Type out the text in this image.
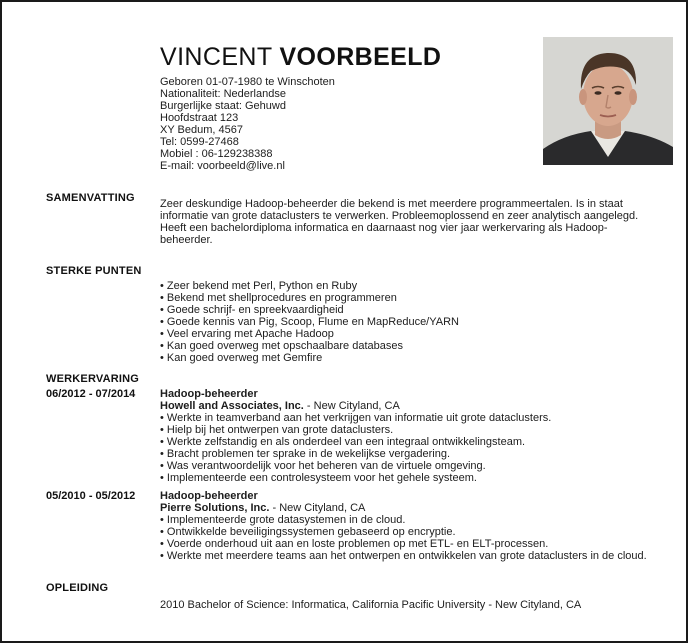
VINCENT VOORBEELD
Geboren 01-07-1980 te Winschoten
Nationaliteit: Nederlandse
Burgerlijke staat: Gehuwd
Hoofdstraat 123
XY Bedum, 4567
Tel: 0599-27468
Mobiel : 06-129238388
E-mail: voorbeeld@live.nl
SAMENVATTING Zeer deskundige Hadoop-beheerder die bekend is met meerdere programmeertalen. Is in staat informatie van grote dataclusters te verwerken. Probleemoplossend en zeer analytisch aangelegd. Heeft een bachelordiploma informatica en daarnaast nog vier jaar werkervaring als Hadoop-beheerder.

STERKE PUNTEN
• Zeer bekend met Perl, Python en Ruby
• Bekend met shellprocedures en programmeren
• Goede schrijf- en spreekvaardigheid
• Goede kennis van Pig, Scoop, Flume en MapReduce/YARN
• Veel ervaring met Apache Hadoop
• Kan goed overweg met opschaalbare databases
• Kan goed overweg met Gemfire
WERKERVARING
06/2012 - 07/2014 Hadoop-beheerder
Howell and Associates, Inc. - New Cityland, CA
• Werkte in teamverband aan het verkrijgen van informatie uit grote dataclusters.
• Hielp bij het ontwerpen van grote dataclusters.
• Werkte zelfstandig en als onderdeel van een integraal ontwikkelingsteam.
• Bracht problemen ter sprake in de wekelijkse vergadering.
• Was verantwoordelijk voor het beheren van de virtuele omgeving.
• Implementeerde een controlesysteem voor het gehele systeem.
05/2010 - 05/2012 Hadoop-beheerder
Pierre Solutions, Inc. - New Cityland, CA
• Implementeerde grote datasystemen in de cloud.
• Ontwikkelde beveiligingssystemen gebaseerd op encryptie.
• Voerde onderhoud uit aan en loste problemen op met ETL- en ELT-processen.
• Werkte met meerdere teams aan het ontwerpen en ontwikkelen van grote dataclusters in de cloud.
OPLEIDING

2010 Bachelor of Science: Informatica, California Pacific University - New Cityland, CA
